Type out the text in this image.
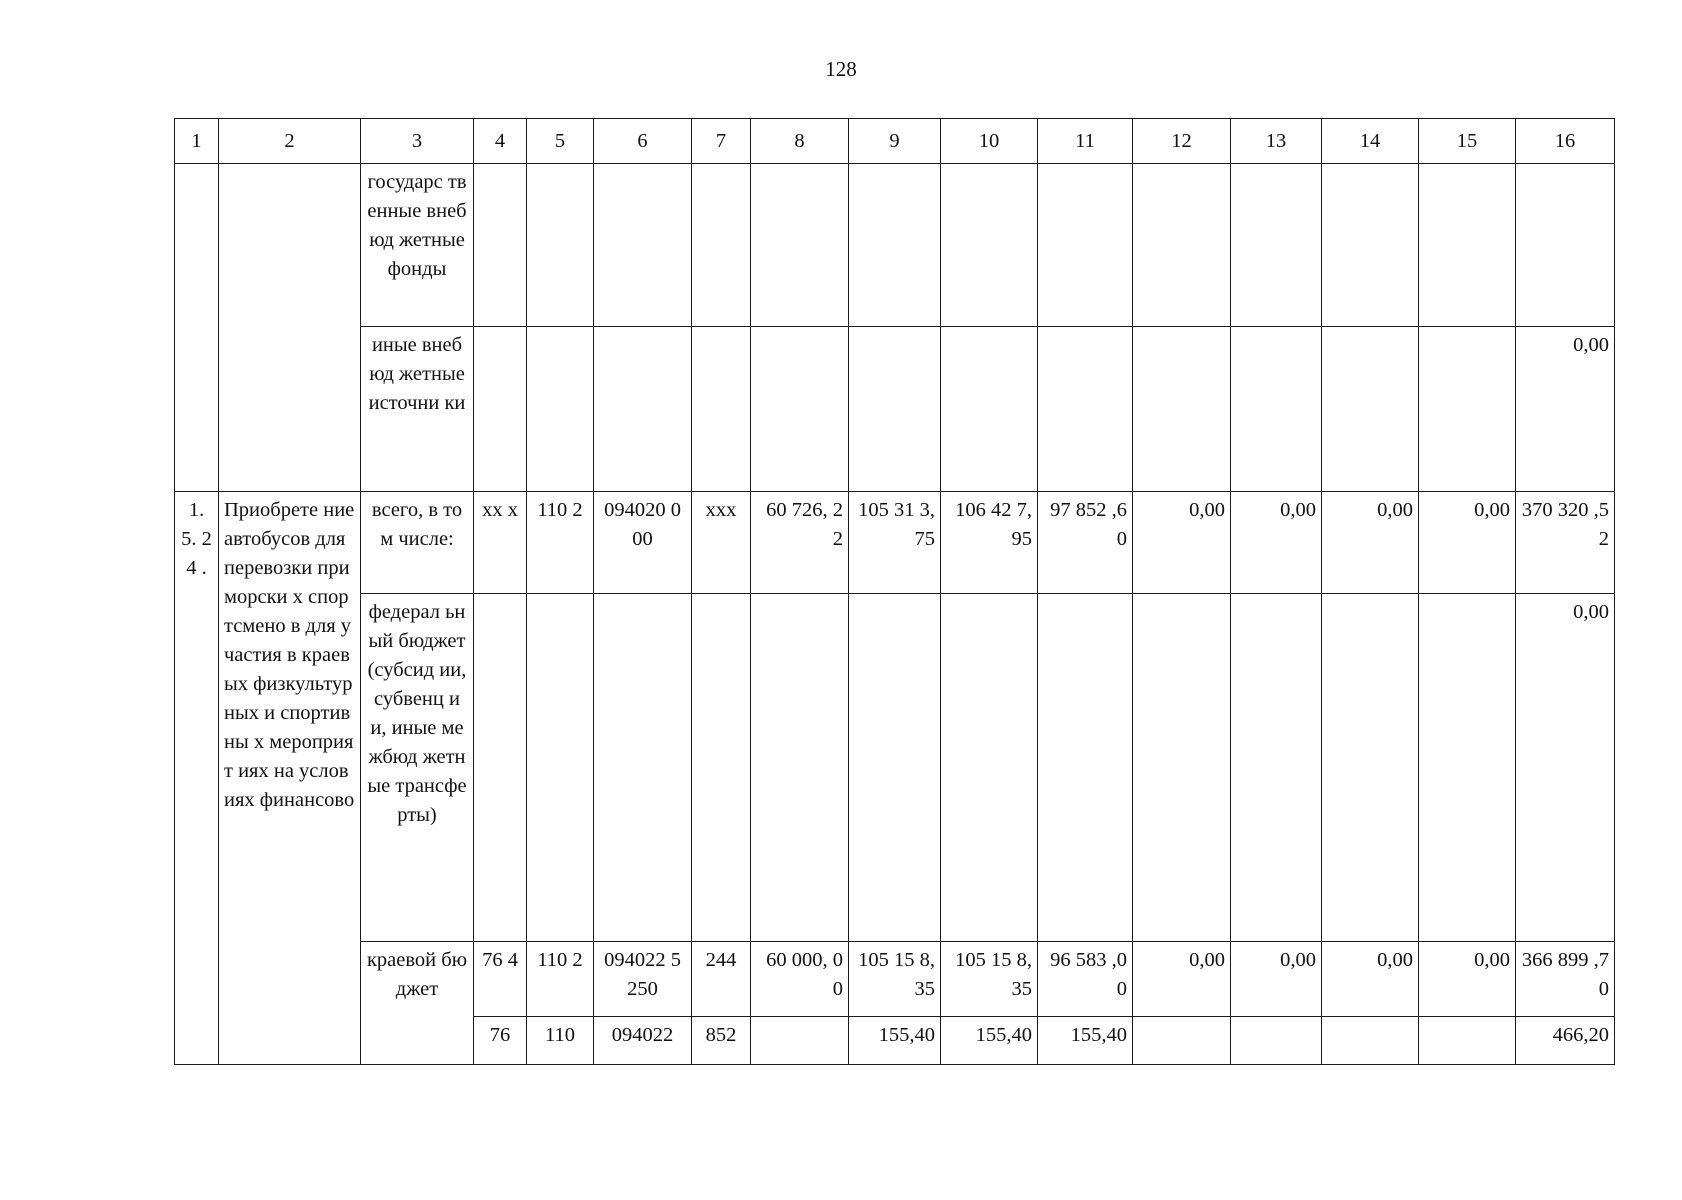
128
1	2	3	4	5	6	7	8	9	10	11	12	13	14	15	16
		государс твенные внебюд жетные фонды													
		иные внебюд жетные источни ки													0,00
1. 5. 24 .	Приобрете ние автобусов для перевозки приморски х спортсмено в для участия в краевых физкультур ных и спортивны х мероприят иях на условиях финансово	всего, в том числе:	xx x	110 2	094020 000	xxx	60 726, 22	105 31 3,75	106 42 7,95	97 852 ,60	0,00	0,00	0,00	0,00	370 320 ,52
		федерал ьный бюджет (субсид ии, субвенц ии, иные межбюд жетные трансфе рты)													0,00
		краевой бюджет	76 4	110 2	094022 5250	244	60 000, 00	105 15 8,35	105 15 8,35	96 583 ,00	0,00	0,00	0,00	0,00	366 899 ,70
			76	110	094022	852		155,40	155,40	155,40					466,20
